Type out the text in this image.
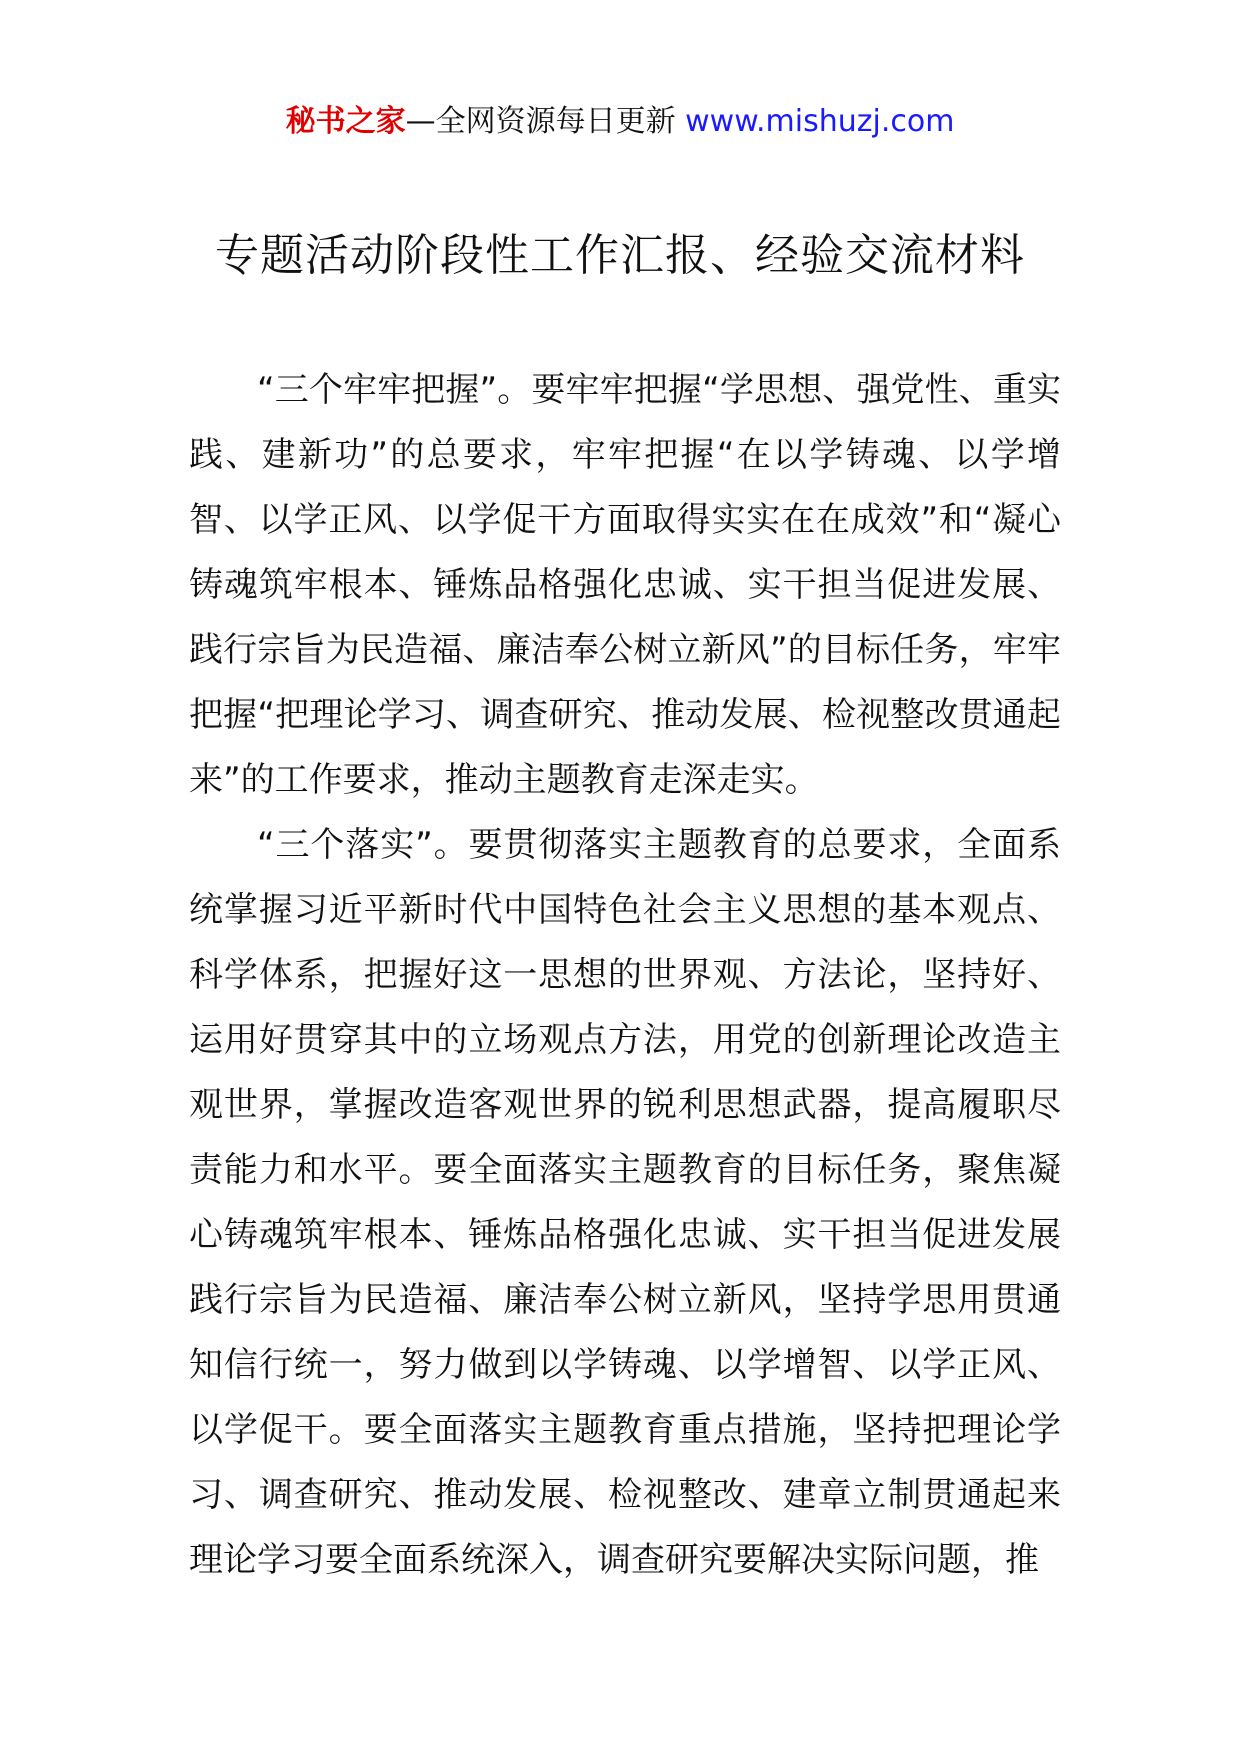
秘书之家—全网资源每日更新 www.mishuzj.com
专题活动阶段性工作汇报、经验交流材料

“三个牢牢把握”。要牢牢把握“学思想、强党性、重实践、建新功”的总要求，牢牢把握“在以学铸魂、以学增智、以学正风、以学促干方面取得实实在在成效”和“凝心铸魂筑牢根本、锤炼品格强化忠诚、实干担当促进发展、践行宗旨为民造福、廉洁奉公树立新风”的目标任务，牢牢把握“把理论学习、调查研究、推动发展、检视整改贯通起来”的工作要求，推动主题教育走深走实。

“三个落实”。要贯彻落实主题教育的总要求，全面系统掌握习近平新时代中国特色社会主义思想的基本观点、科学体系，把握好这一思想的世界观、方法论，坚持好、运用好贯穿其中的立场观点方法，用党的创新理论改造主观世界，掌握改造客观世界的锐利思想武器，提高履职尽责能力和水平。要全面落实主题教育的目标任务，聚焦凝心铸魂筑牢根本、锤炼品格强化忠诚、实干担当促进发展践行宗旨为民造福、廉洁奉公树立新风，坚持学思用贯通知信行统一，努力做到以学铸魂、以学增智、以学正风、以学促干。要全面落实主题教育重点措施，坚持把理论学习、调查研究、推动发展、检视整改、建章立制贯通起来理论学习要全面系统深入，调查研究要解决实际问题，推
